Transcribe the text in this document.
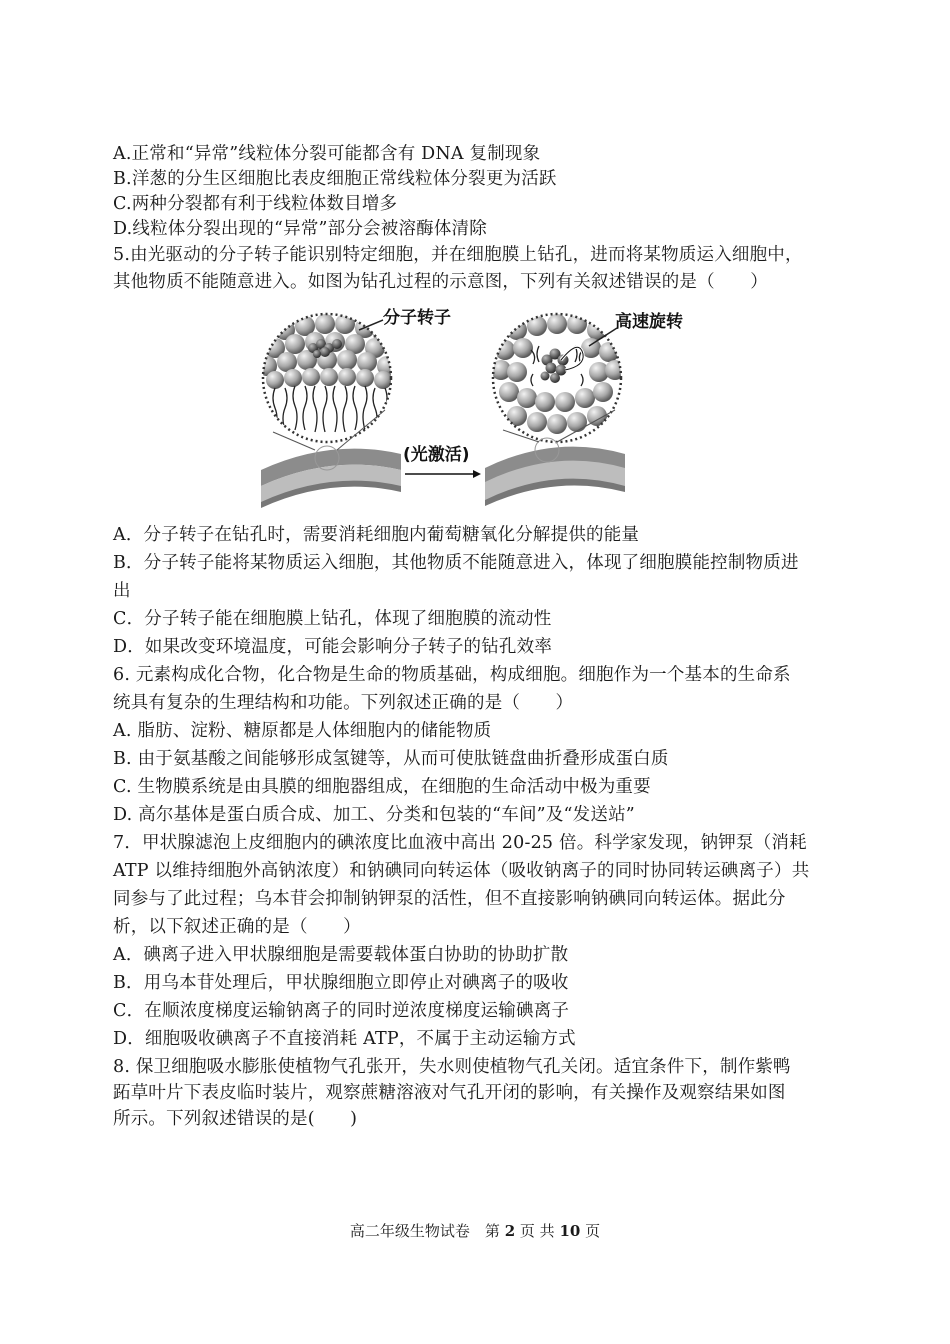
A.正常和“异常”线粒体分裂可能都含有 DNA 复制现象
B.洋葱的分生区细胞比表皮细胞正常线粒体分裂更为活跃
C.两种分裂都有利于线粒体数目增多
D.线粒体分裂出现的“异常”部分会被溶酶体清除
5.由光驱动的分子转子能识别特定细胞，并在细胞膜上钻孔，进而将某物质运入细胞中，
其他物质不能随意进入。如图为钻孔过程的示意图，下列有关叙述错误的是（　　）
分子转子	高速旋转
(光激活)
A．分子转子在钻孔时，需要消耗细胞内葡萄糖氧化分解提供的能量
B．分子转子能将某物质运入细胞，其他物质不能随意进入，体现了细胞膜能控制物质进
出
C．分子转子能在细胞膜上钻孔，体现了细胞膜的流动性
D．如果改变环境温度，可能会影响分子转子的钻孔效率
6. 元素构成化合物，化合物是生命的物质基础，构成细胞。细胞作为一个基本的生命系
统具有复杂的生理结构和功能。下列叙述正确的是（　　）
A. 脂肪、淀粉、糖原都是人体细胞内的储能物质
B. 由于氨基酸之间能够形成氢键等，从而可使肽链盘曲折叠形成蛋白质
C. 生物膜系统是由具膜的细胞器组成，在细胞的生命活动中极为重要
D. 高尔基体是蛋白质合成、加工、分类和包装的“车间”及“发送站”
7．甲状腺滤泡上皮细胞内的碘浓度比血液中高出 20-25 倍。科学家发现，钠钾泵（消耗
ATP 以维持细胞外高钠浓度）和钠碘同向转运体（吸收钠离子的同时协同转运碘离子）共
同参与了此过程；乌本苷会抑制钠钾泵的活性，但不直接影响钠碘同向转运体。据此分
析，以下叙述正确的是（　　）
A．碘离子进入甲状腺细胞是需要载体蛋白协助的协助扩散
B．用乌本苷处理后，甲状腺细胞立即停止对碘离子的吸收
C．在顺浓度梯度运输钠离子的同时逆浓度梯度运输碘离子
D．细胞吸收碘离子不直接消耗 ATP，不属于主动运输方式
8. 保卫细胞吸水膨胀使植物气孔张开，失水则使植物气孔关闭。适宜条件下，制作紫鸭
跖草叶片下表皮临时装片，观察蔗糖溶液对气孔开闭的影响，有关操作及观察结果如图
所示。下列叙述错误的是(　　)
高二年级生物试卷　第 2 页 共 10 页
